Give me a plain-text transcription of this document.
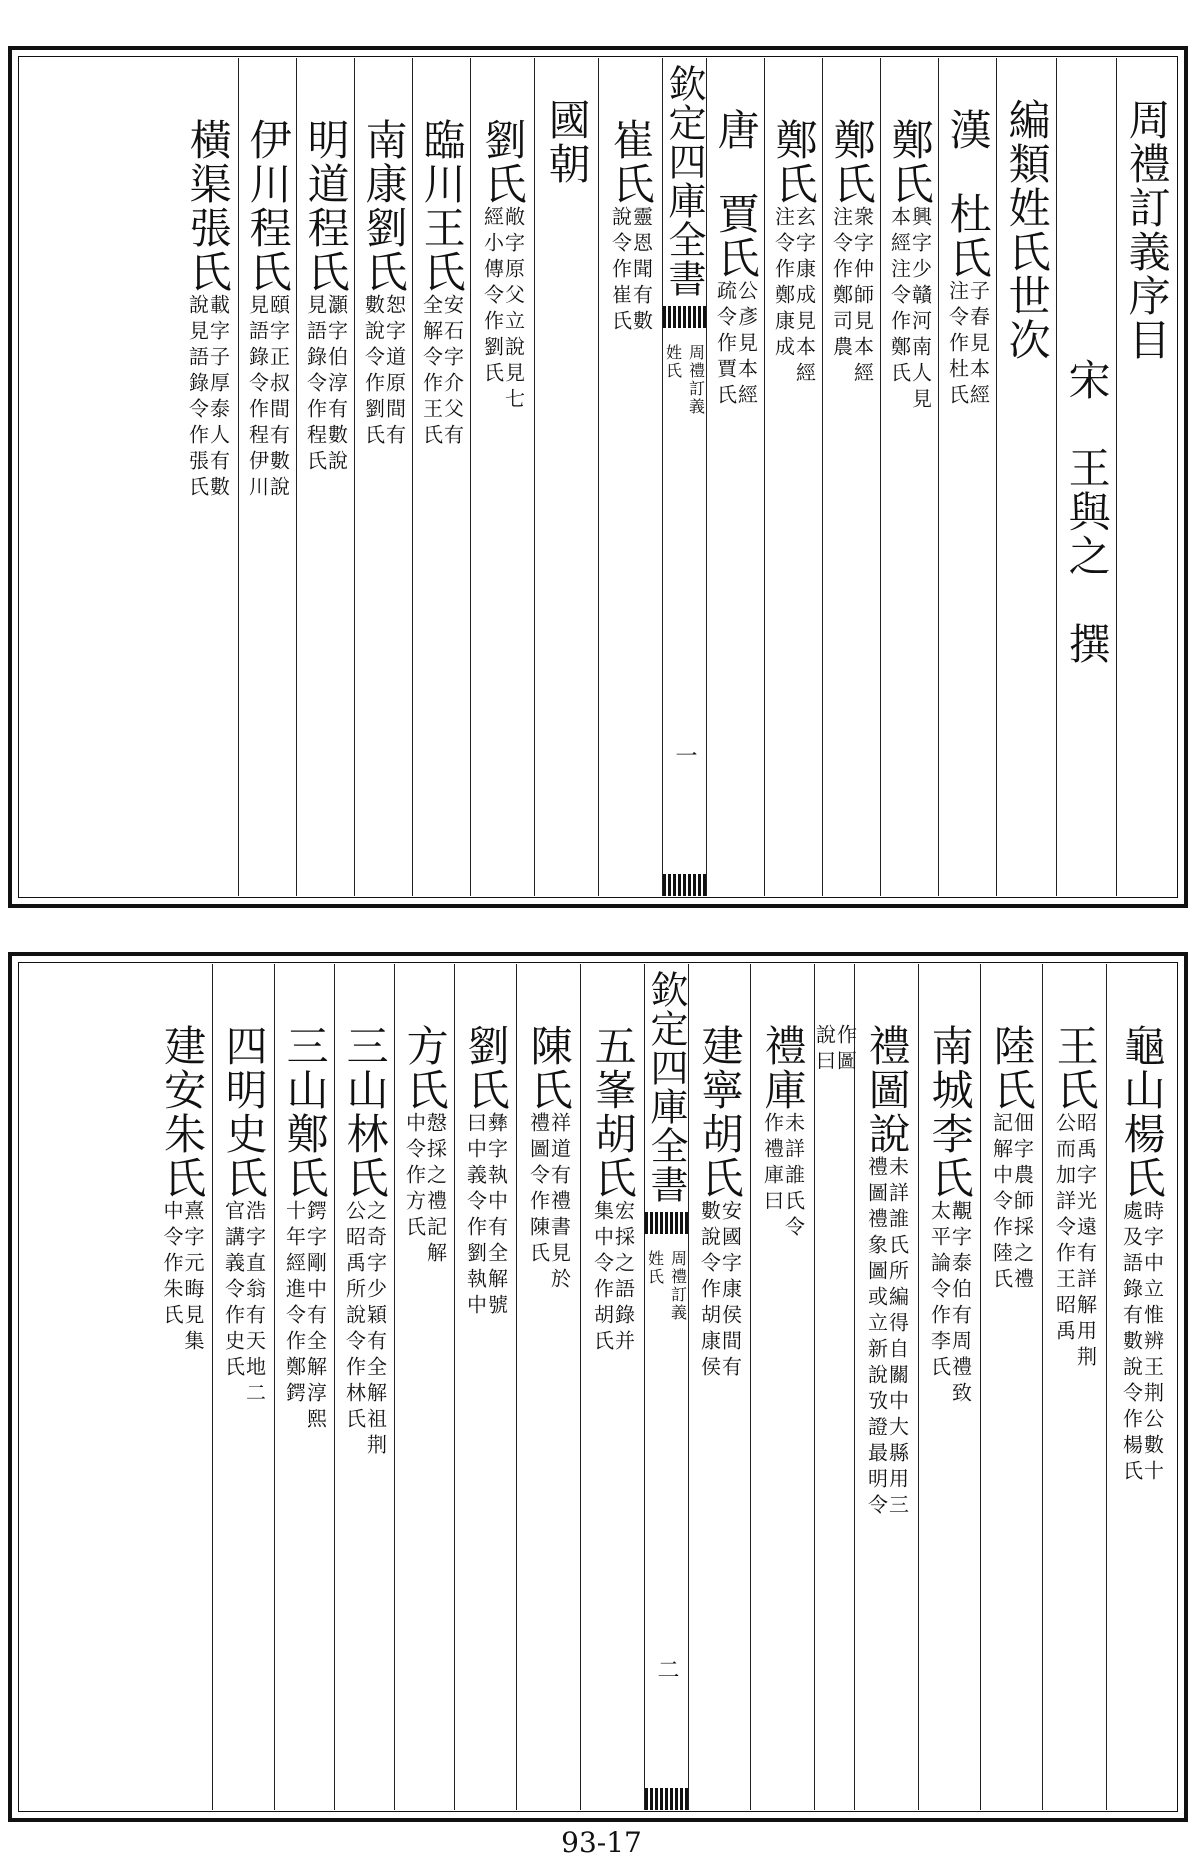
周禮訂義序目
宋　王與之　撰
編類姓氏世次
漢
杜氏
子春見本經
注令作杜氏
鄭氏
興字少贛河南人見
本經注令作鄭氏
鄭氏
衆字仲師見本經
注令作鄭司農
鄭氏
玄字康成見本經
注令作鄭康成
唐
賈氏
公彥見本經
疏令作賈氏
欽定四庫全書
周禮訂義
姓氏
一
崔氏
靈恩聞有數
說令作崔氏
國朝
劉氏
敞字原父立說見七
經小傳令作劉氏
臨川王氏
安石字介父有
全解令作王氏
南康劉氏
恕字道原間有
數說令作劉氏
明道程氏
灝字伯淳有數說
見語錄令作程氏
伊川程氏
頤字正叔間有數說
見語錄令作程伊川
橫渠張氏
載字子厚泰人有數
說見語錄令作張氏
龜山楊氏
時字中立惟辨王荆公數十
處及語錄有數說令作楊氏
王氏
昭禹字光遠有詳解用荆
公而加詳令作王昭禹
陸氏
佃字農師採之禮
記解中令作陸氏
南城李氏
覯字泰伯有周禮致
太平論令作李氏
禮圖說
未詳誰氏所編得自關中大縣用三
禮圖禮象圖或立新說攷證最明令
作圖
說曰
禮庫
未詳誰氏令
作禮庫曰
建寧胡氏
安國字康侯間有
數說令作胡康侯
欽定四庫全書
周禮訂義
姓氏
二
五峯胡氏
宏採之語錄并
集中令作胡氏
陳氏
祥道有禮書見於
禮圖令作陳氏
劉氏
彝字執中有全解號
曰中義令作劉執中
方氏
慤採之禮記解
中令作方氏
三山林氏
之奇字少穎有全解祖荆
公昭禹所說令作林氏
三山鄭氏
鍔字剛中有全解淳熙
十年經進令作鄭鍔
四明史氏
浩字直翁有天地二
官講義令作史氏
建安朱氏
熹字元晦見集
中令作朱氏
93-17
